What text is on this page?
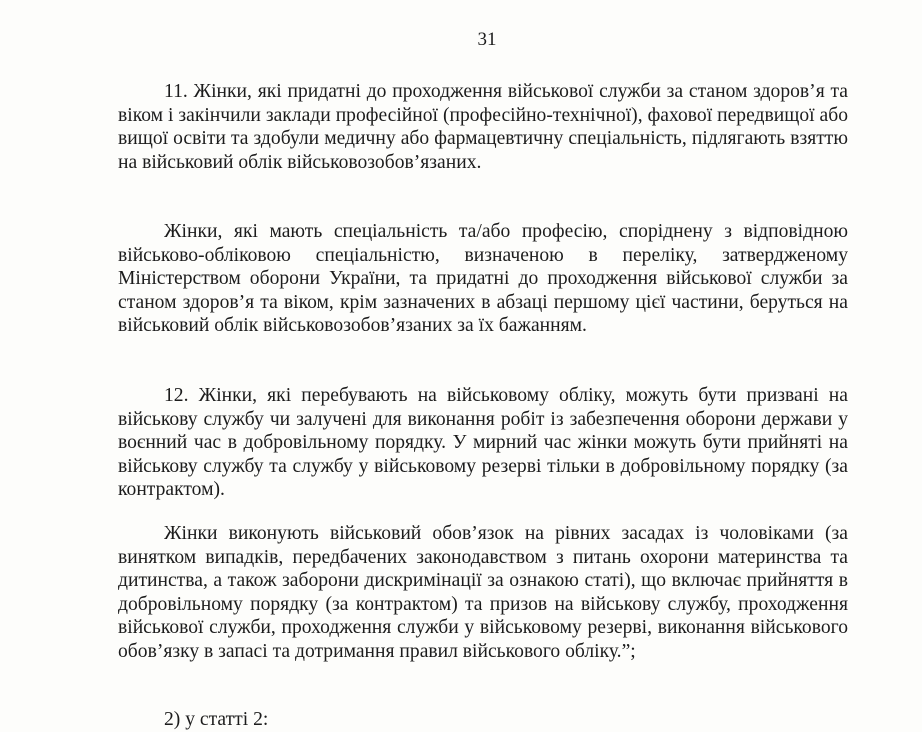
31

11. Жінки, які придатні до проходження військової служби за станом здоров’я та віком і закінчили заклади професійної (професійно-технічної), фахової передвищої або вищої освіти та здобули медичну або фармацевтичну спеціальність, підлягають взяттю на військовий облік військовозобов’язаних.

Жінки, які мають спеціальність та/або професію, споріднену з відповідною військово-обліковою спеціальністю, визначеною в переліку, затвердженому Міністерством оборони України, та придатні до проходження військової служби за станом здоров’я та віком, крім зазначених в абзаці першому цієї частини, беруться на військовий облік військовозобов’язаних за їх бажанням.

12. Жінки, які перебувають на військовому обліку, можуть бути призвані на військову службу чи залучені для виконання робіт із забезпечення оборони держави у воєнний час в добровільному порядку. У мирний час жінки можуть бути прийняті на військову службу та службу у військовому резерві тільки в добровільному порядку (за контрактом).

Жінки виконують військовий обов’язок на рівних засадах із чоловіками (за винятком випадків, передбачених законодавством з питань охорони материнства та дитинства, а також заборони дискримінації за ознакою статі), що включає прийняття в добровільному порядку (за контрактом) та призов на військову службу, проходження військової служби, проходження служби у військовому резерві, виконання військового обов’язку в запасі та дотримання правил військового обліку.”;

2) у статті 2:
